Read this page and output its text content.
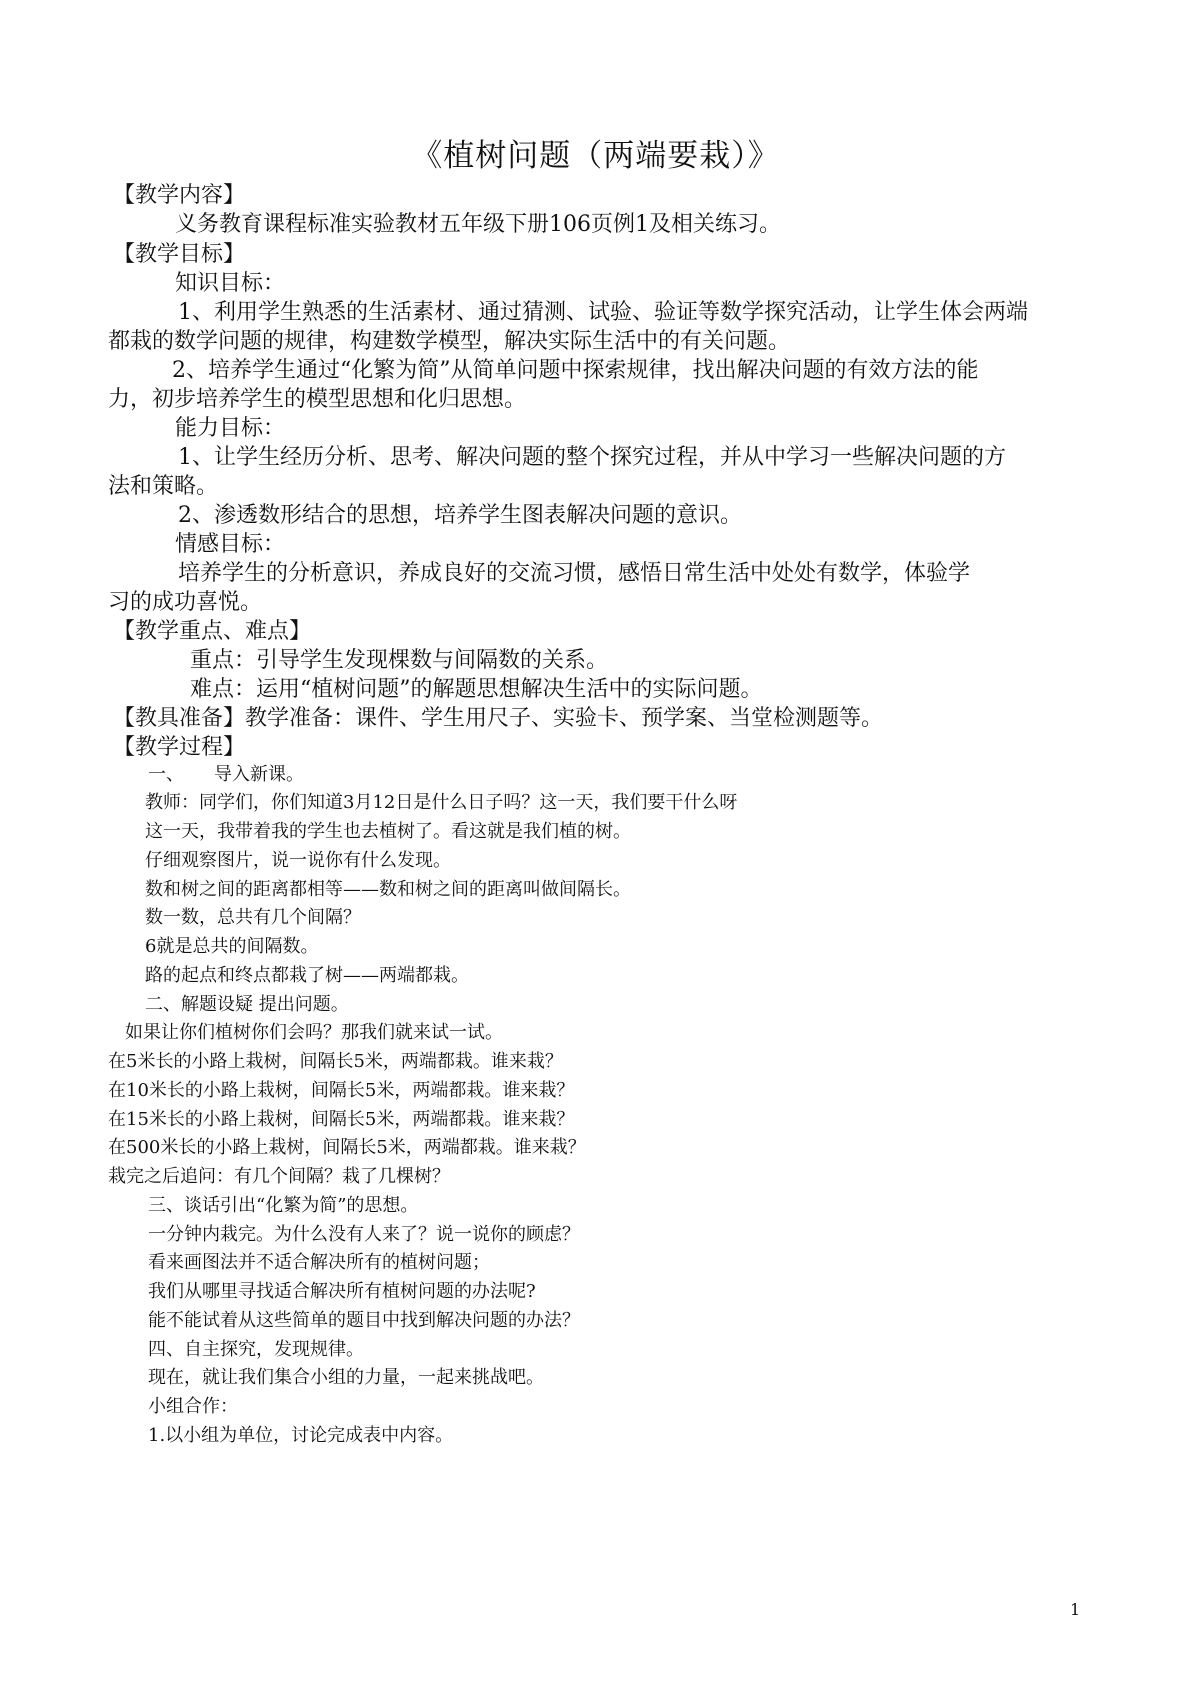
《植树问题（两端要栽）》
【教学内容】
义务教育课程标准实验教材五年级下册106页例1及相关练习。
【教学目标】
知识目标：
1、利用学生熟悉的生活素材、通过猜测、试验、验证等数学探究活动，让学生体会两端
都栽的数学问题的规律，构建数学模型，解决实际生活中的有关问题。
2、培养学生通过“化繁为简”从简单问题中探索规律，找出解决问题的有效方法的能
力，初步培养学生的模型思想和化归思想。
能力目标：
1、让学生经历分析、思考、解决问题的整个探究过程，并从中学习一些解决问题的方
法和策略。
2、渗透数形结合的思想，培养学生图表解决问题的意识。
情感目标：
培养学生的分析意识，养成良好的交流习惯，感悟日常生活中处处有数学，体验学
习的成功喜悦。
【教学重点、难点】
重点：引导学生发现棵数与间隔数的关系。
难点：运用“植树问题”的解题思想解决生活中的实际问题。
【教具准备】教学准备：课件、学生用尺子、实验卡、预学案、当堂检测题等。
【教学过程】
一、 导入新课。
教师：同学们，你们知道3月12日是什么日子吗？这一天，我们要干什么呀
这一天，我带着我的学生也去植树了。看这就是我们植的树。
仔细观察图片，说一说你有什么发现。
数和树之间的距离都相等——数和树之间的距离叫做间隔长。
数一数，总共有几个间隔？
6就是总共的间隔数。
路的起点和终点都栽了树——两端都栽。
二、解题设疑 提出问题。
如果让你们植树你们会吗？那我们就来试一试。
在5米长的小路上栽树，间隔长5米，两端都栽。谁来栽？
在10米长的小路上栽树，间隔长5米，两端都栽。谁来栽？
在15米长的小路上栽树，间隔长5米，两端都栽。谁来栽？
在500米长的小路上栽树，间隔长5米，两端都栽。谁来栽？
栽完之后追问：有几个间隔？栽了几棵树？
三、谈话引出“化繁为简”的思想。
一分钟内栽完。为什么没有人来了？说一说你的顾虑？
看来画图法并不适合解决所有的植树问题；
我们从哪里寻找适合解决所有植树问题的办法呢?
能不能试着从这些简单的题目中找到解决问题的办法？
四、自主探究，发现规律。
现在，就让我们集合小组的力量，一起来挑战吧。
小组合作：
1.以小组为单位，讨论完成表中内容。
1
